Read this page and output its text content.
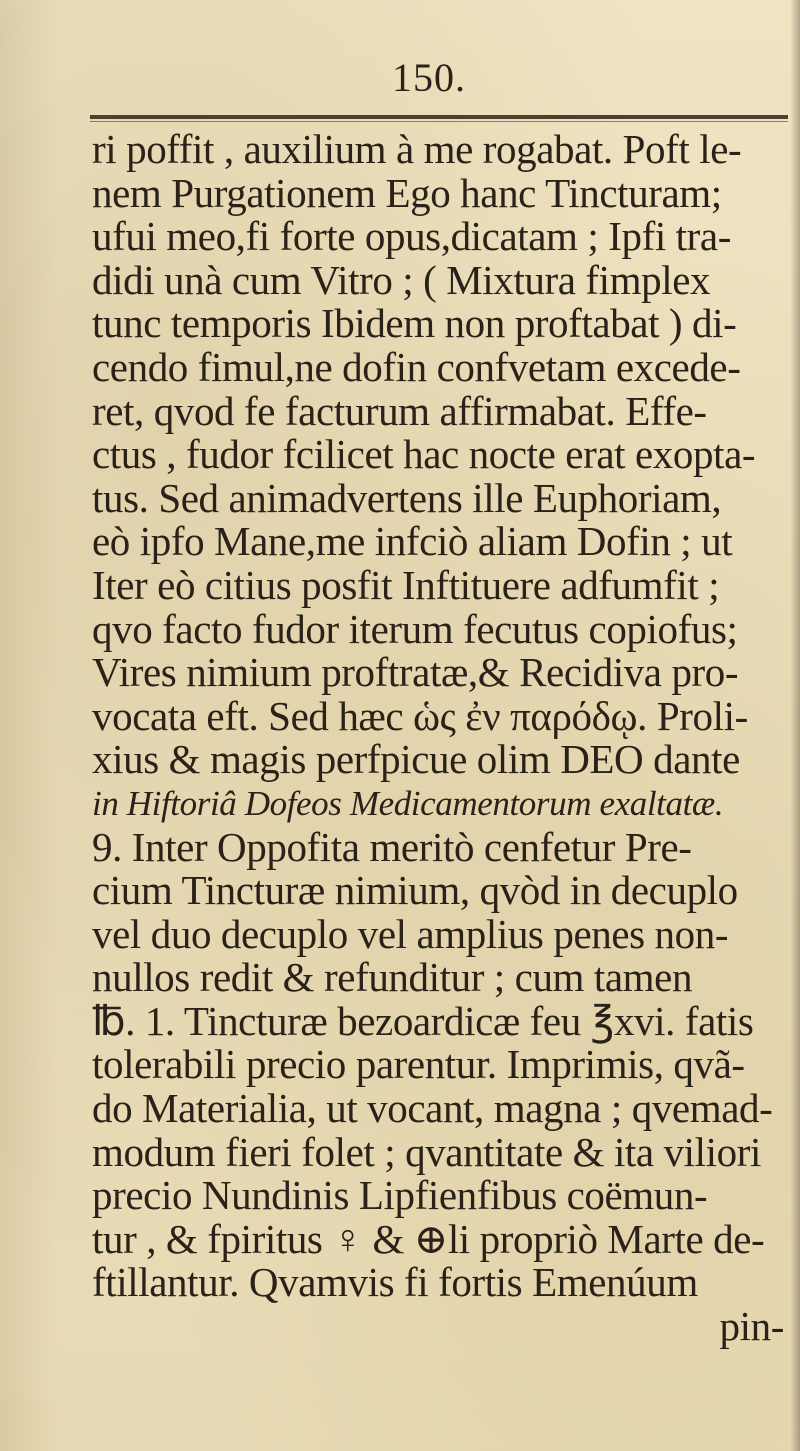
150.
ri poffit , auxilium à me rogabat. Poft le-
nem Purgationem Ego hanc Tincturam;
ufui meo,fi forte opus,dicatam ; Ipfi tra-
didi unà cum Vitro ; ( Mixtura fimplex
tunc temporis Ibidem non proftabat ) di-
cendo fimul,ne dofin confvetam excede-
ret, qvod fe facturum affirmabat. Effe-
ctus , fudor fcilicet hac nocte erat exopta-
tus. Sed animadvertens ille Euphoriam,
eò ipfo Mane,me infciò aliam Dofin ; ut
Iter eò citius posfit Inftituere adfumfit ;
qvo facto fudor iterum fecutus copiofus;
Vires nimium proftratæ,& Recidiva pro-
vocata eft. Sed hæc ὡς ἐν παρόδῳ. Proli-
xius & magis perfpicue olim DEO dante
in Hiftoriâ Dofeos Medicamentorum exaltatæ.
9. Inter Oppofita meritò cenfetur Pre-
cium Tincturæ nimium, qvòd in decuplo
vel duo decuplo vel amplius penes non-
nullos redit & refunditur ; cum tamen
℔. 1. Tincturæ bezoardicæ feu ℥xvi. fatis
tolerabili precio parentur. Imprimis, qvã-
do Materialia, ut vocant, magna ; qvemad-
modum fieri folet ; qvantitate & ita viliori
precio Nundinis Lipfienfibus coëmun-
tur , & fpiritus ♀ & ⊕li propriò Marte de-
ftillantur. Qvamvis fi fortis Emenúum
pin-
